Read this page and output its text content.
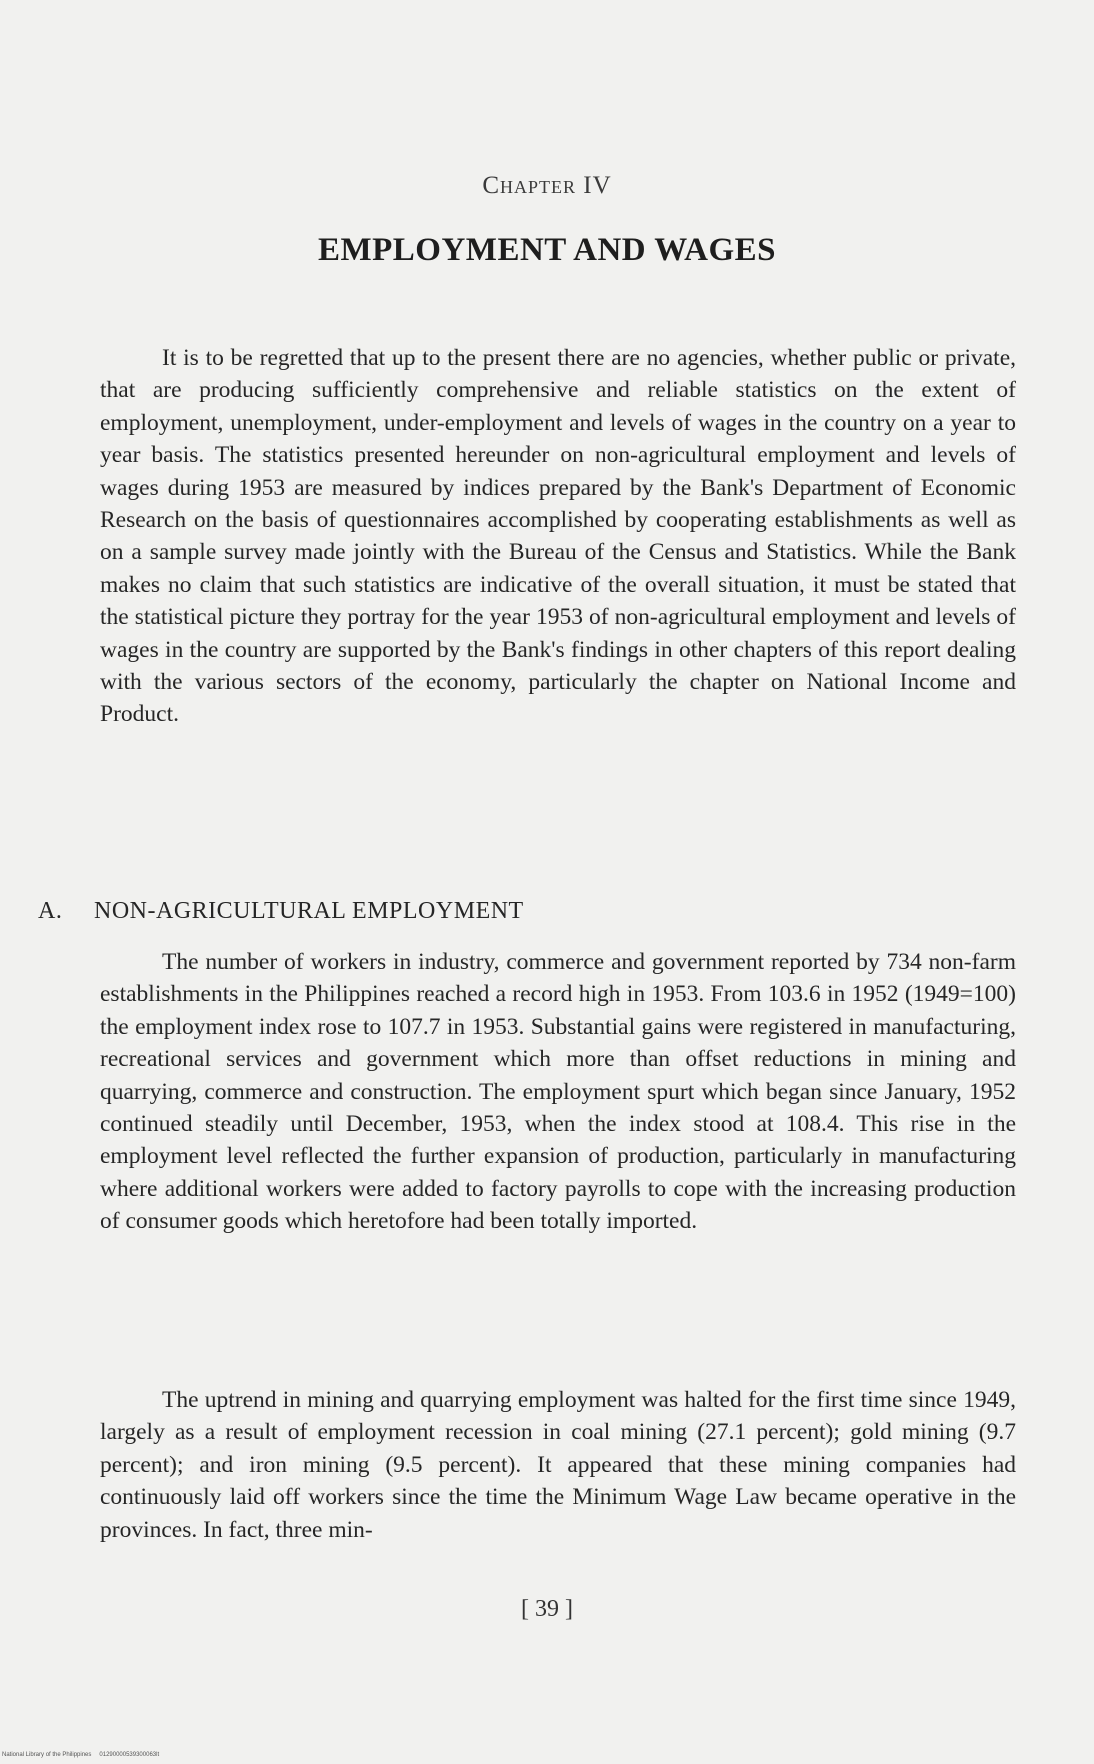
Chapter IV
EMPLOYMENT AND WAGES

It is to be regretted that up to the present there are no agencies, whether public or private, that are producing sufficiently comprehensive and reliable statistics on the extent of employment, unemployment, under-employment and levels of wages in the country on a year to year basis. The statistics presented hereunder on non-agricultural employment and levels of wages during 1953 are measured by indices prepared by the Bank's Department of Economic Research on the basis of questionnaires accomplished by cooperating establishments as well as on a sample survey made jointly with the Bureau of the Census and Statistics. While the Bank makes no claim that such statistics are indicative of the overall situation, it must be stated that the statistical picture they portray for the year 1953 of non-agricultural employment and levels of wages in the country are supported by the Bank's findings in other chapters of this report dealing with the various sectors of the economy, particularly the chapter on National Income and Product.

A. NON-AGRICULTURAL EMPLOYMENT

The number of workers in industry, commerce and government reported by 734 non-farm establishments in the Philippines reached a record high in 1953. From 103.6 in 1952 (1949=100) the employment index rose to 107.7 in 1953. Substantial gains were registered in manufacturing, recreational services and government which more than offset reductions in mining and quarrying, commerce and construction. The employment spurt which began since January, 1952 continued steadily until December, 1953, when the index stood at 108.4. This rise in the employment level reflected the further expansion of production, particularly in manufacturing where additional workers were added to factory payrolls to cope with the increasing production of consumer goods which heretofore had been totally imported.

The uptrend in mining and quarrying employment was halted for the first time since 1949, largely as a result of employment recession in coal mining (27.1 percent); gold mining (9.7 percent); and iron mining (9.5 percent). It appeared that these mining companies had continuously laid off workers since the time the Minimum Wage Law became operative in the provinces. In fact, three min-

[ 39 ]
National Library of the Philippines 01290000539300063lt
